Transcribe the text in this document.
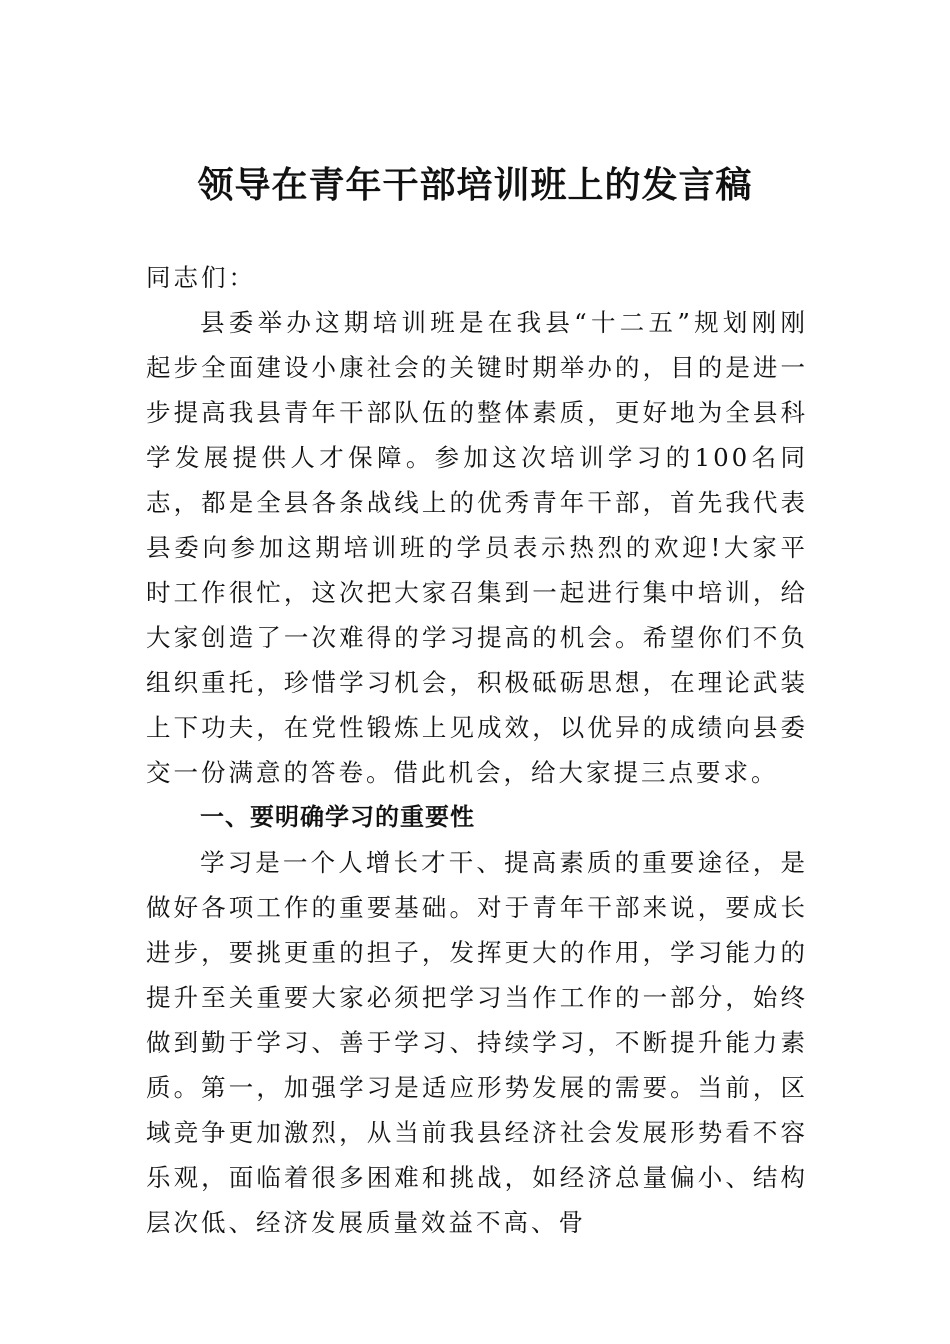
领导在青年干部培训班上的发言稿

同志们：

县委举办这期培训班是在我县“十二五”规划刚刚起步全面建设小康社会的关键时期举办的，目的是进一步提高我县青年干部队伍的整体素质，更好地为全县科学发展提供人才保障。参加这次培训学习的100名同志，都是全县各条战线上的优秀青年干部，首先我代表县委向参加这期培训班的学员表示热烈的欢迎!大家平时工作很忙，这次把大家召集到一起进行集中培训，给大家创造了一次难得的学习提高的机会。希望你们不负组织重托，珍惜学习机会，积极砥砺思想，在理论武装上下功夫，在党性锻炼上见成效，以优异的成绩向县委交一份满意的答卷。借此机会，给大家提三点要求。

一、要明确学习的重要性

学习是一个人增长才干、提高素质的重要途径，是做好各项工作的重要基础。对于青年干部来说，要成长进步，要挑更重的担子，发挥更大的作用，学习能力的提升至关重要大家必须把学习当作工作的一部分，始终做到勤于学习、善于学习、持续学习，不断提升能力素质。第一，加强学习是适应形势发展的需要。当前，区域竞争更加激烈，从当前我县经济社会发展形势看不容乐观，面临着很多困难和挑战，如经济总量偏小、结构层次低、经济发展质量效益不高、骨
